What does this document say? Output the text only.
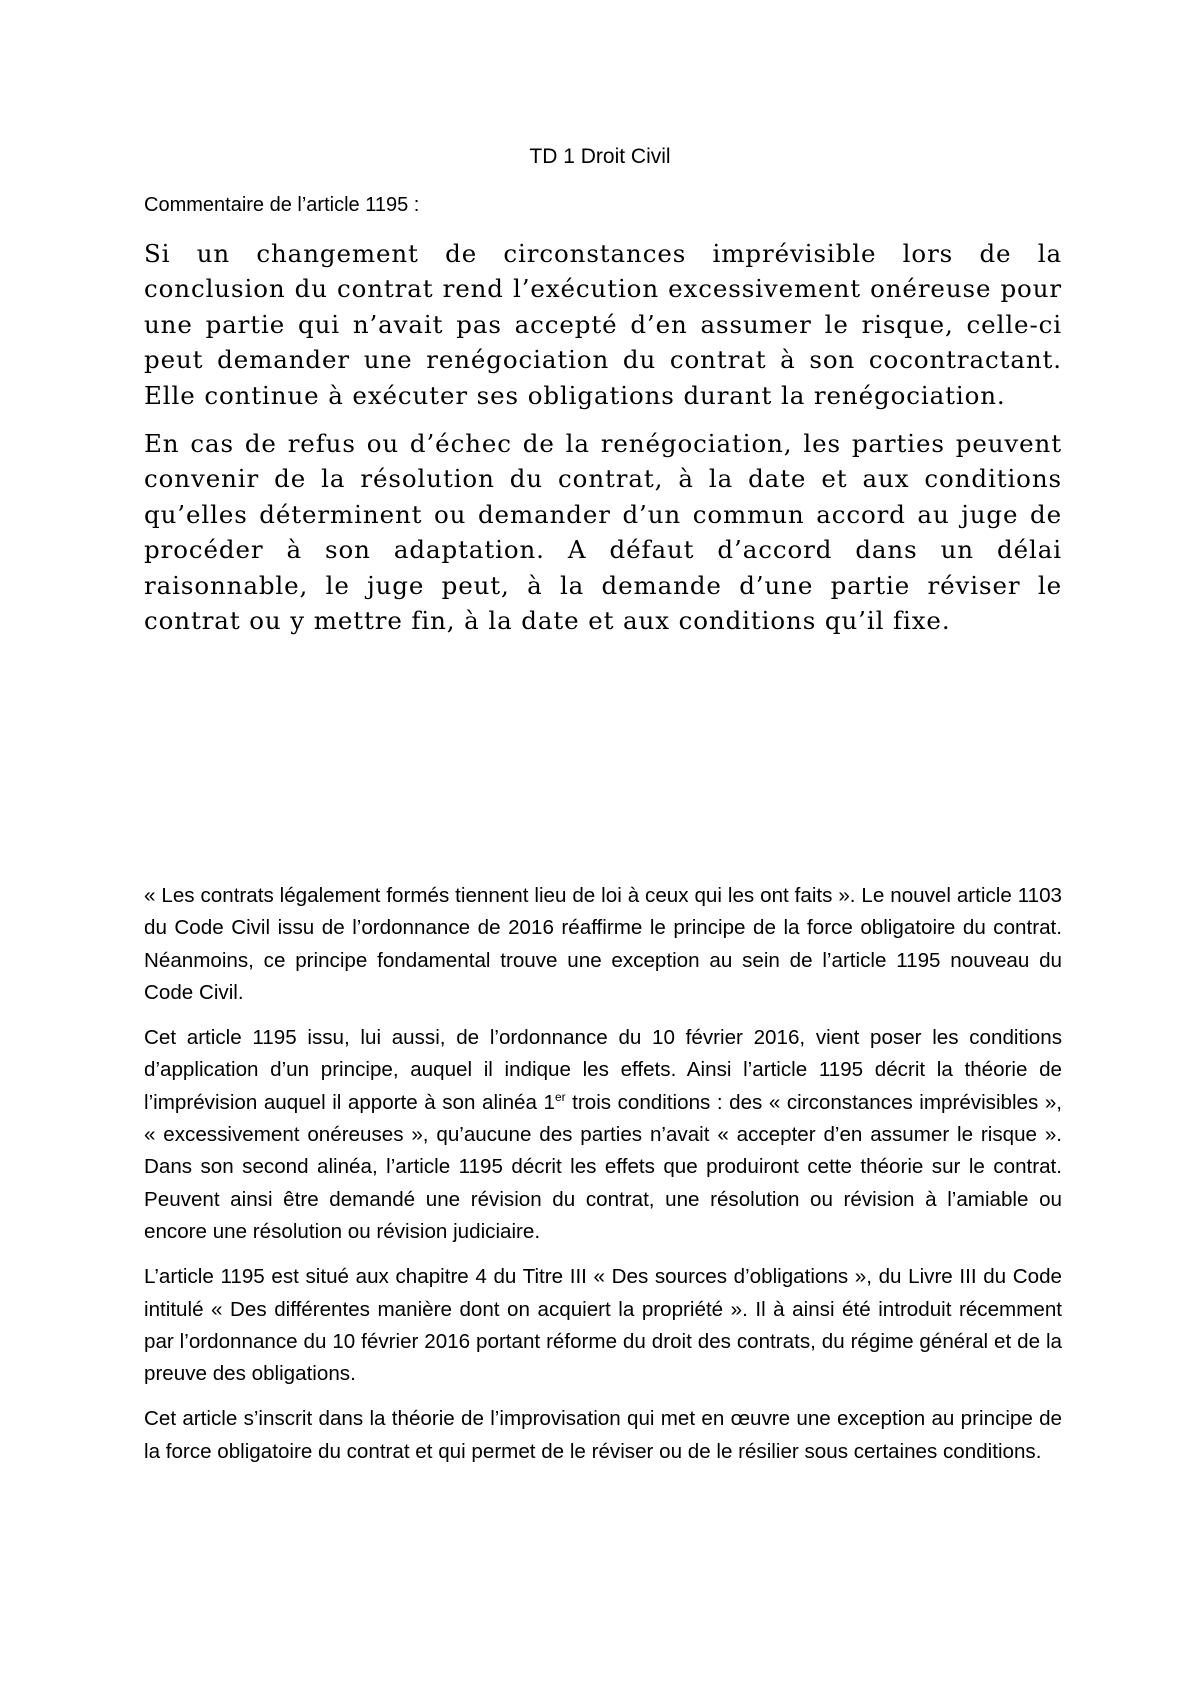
TD 1 Droit Civil
Commentaire de l’article 1195 :

Si un changement de circonstances imprévisible lors de la conclusion du contrat rend l’exécution excessivement onéreuse pour une partie qui n’avait pas accepté d’en assumer le risque, celle-ci peut demander une renégociation du contrat à son cocontractant. Elle continue à exécuter ses obligations durant la renégociation.

En cas de refus ou d’échec de la renégociation, les parties peuvent convenir de la résolution du contrat, à la date et aux conditions qu’elles déterminent ou demander d’un commun accord au juge de procéder à son adaptation. A défaut d’accord dans un délai raisonnable, le juge peut, à la demande d’une partie réviser le contrat ou y mettre fin, à la date et aux conditions qu’il fixe.

« Les contrats légalement formés tiennent lieu de loi à ceux qui les ont faits ». Le nouvel article 1103 du Code Civil issu de l’ordonnance de 2016 réaffirme le principe de la force obligatoire du contrat. Néanmoins, ce principe fondamental trouve une exception au sein de l’article 1195 nouveau du Code Civil.

Cet article 1195 issu, lui aussi, de l’ordonnance du 10 février 2016, vient poser les conditions d’application d’un principe, auquel il indique les effets. Ainsi l’article 1195 décrit la théorie de l’imprévision auquel il apporte à son alinéa 1er trois conditions : des « circonstances imprévisibles », « excessivement onéreuses », qu’aucune des parties n’avait « accepter d’en assumer le risque ». Dans son second alinéa, l’article 1195 décrit les effets que produiront cette théorie sur le contrat. Peuvent ainsi être demandé une révision du contrat, une résolution ou révision à l’amiable ou encore une résolution ou révision judiciaire.

L’article 1195 est situé aux chapitre 4 du Titre III « Des sources d’obligations », du Livre III du Code intitulé « Des différentes manière dont on acquiert la propriété ». Il à ainsi été introduit récemment par l’ordonnance du 10 février 2016 portant réforme du droit des contrats, du régime général et de la preuve des obligations.

Cet article s’inscrit dans la théorie de l’improvisation qui met en œuvre une exception au principe de la force obligatoire du contrat et qui permet de le réviser ou de le résilier sous certaines conditions.
